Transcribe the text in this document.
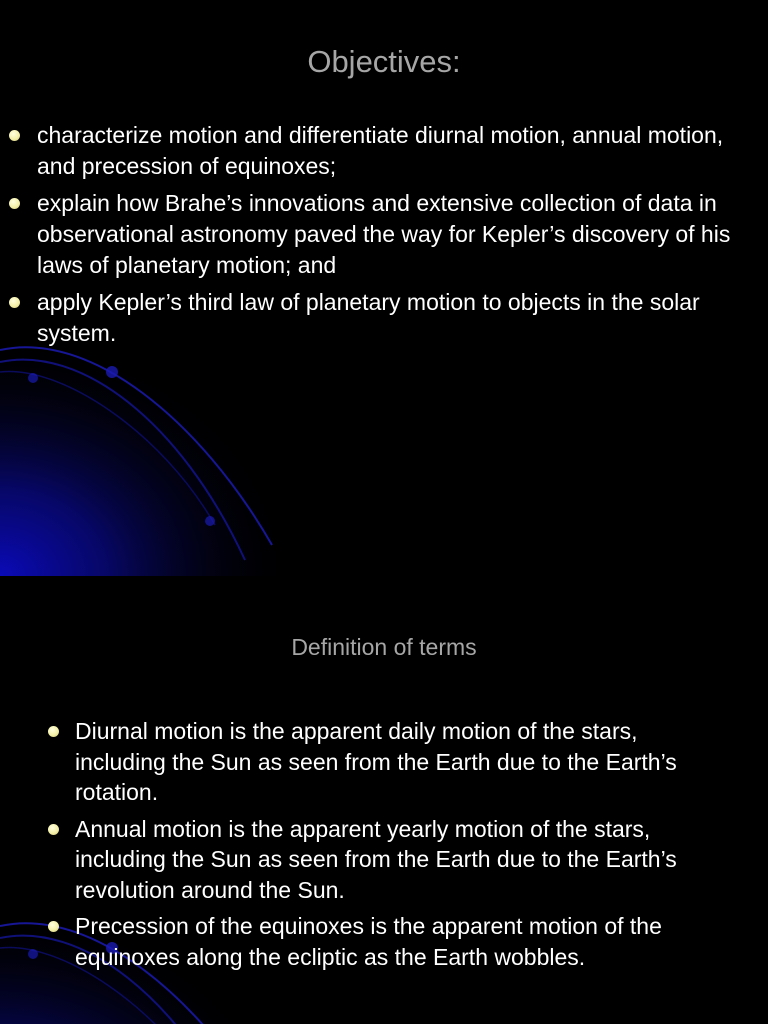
Objectives:
characterize motion and differentiate diurnal motion, annual motion, and precession of equinoxes;
explain how Brahe’s innovations and extensive collection of data in observational astronomy paved the way for Kepler’s discovery of his laws of planetary motion; and
apply Kepler’s third law of planetary motion to objects in the solar system.
Definition of terms
Diurnal motion is the apparent daily motion of the stars, including the Sun as seen from the Earth due to the Earth’s rotation.
Annual motion is the apparent yearly motion of the stars, including the Sun as seen from the Earth due to the Earth’s revolution around the Sun.
Precession of the equinoxes is the apparent motion of the equinoxes along the ecliptic as the Earth wobbles.
